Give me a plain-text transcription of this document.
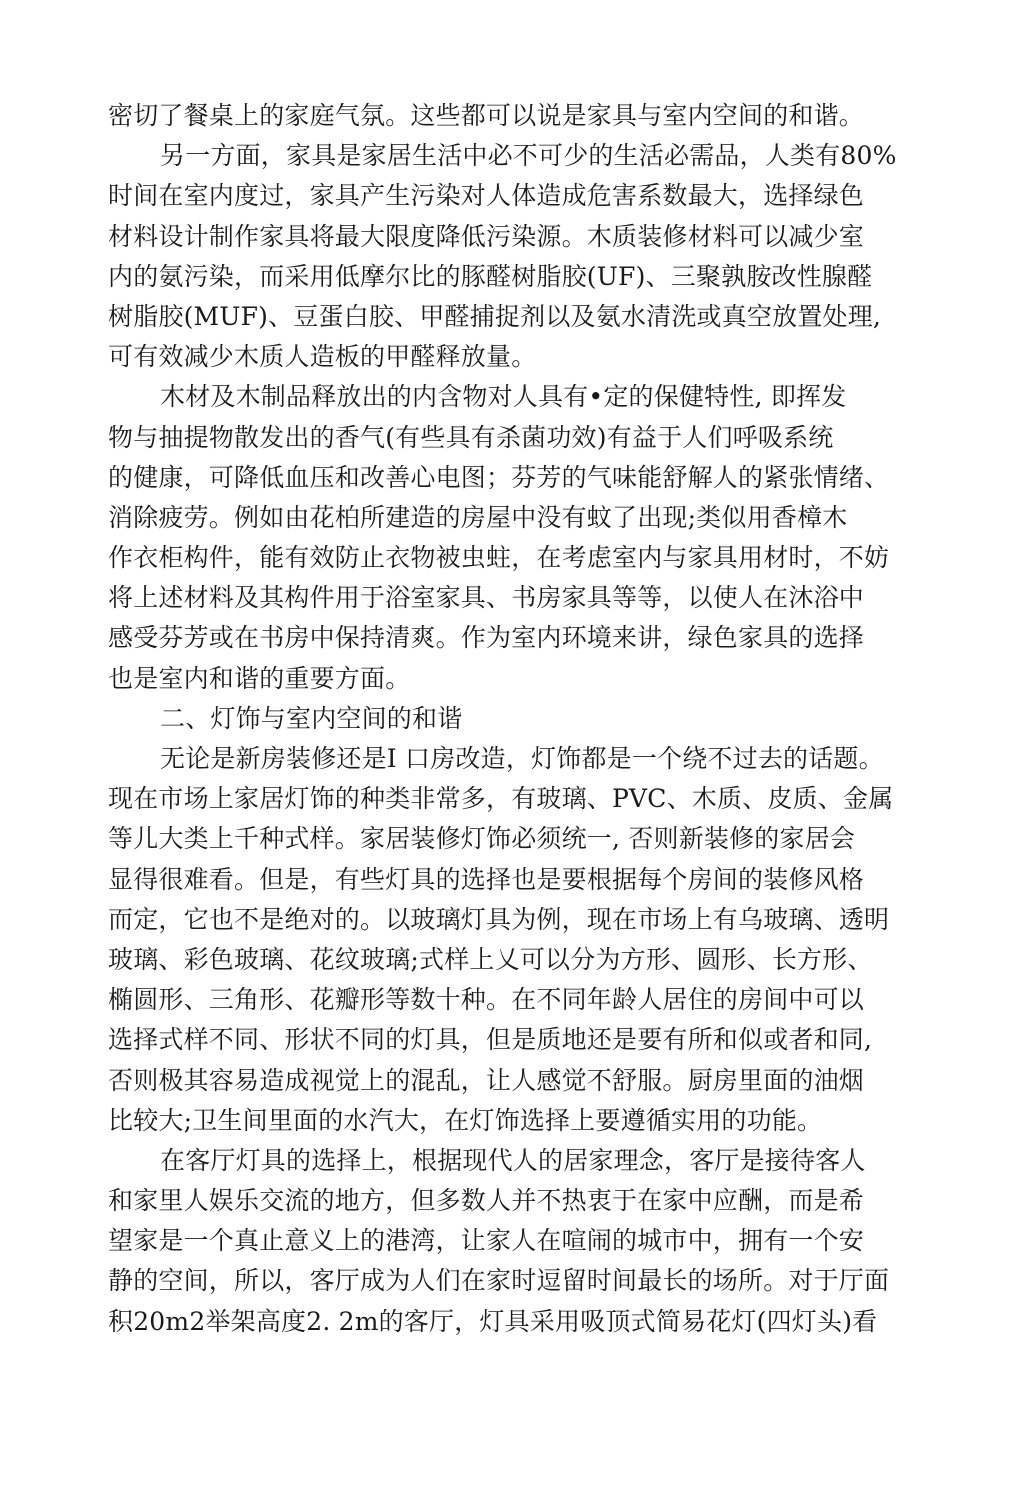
密切了餐桌上的家庭气氛。这些都可以说是家具与室内空间的和谐。
另一方面，家具是家居生活中必不可少的生活必需品，人类有80%
时间在室内度过，家具产生污染对人体造成危害系数最大，选择绿色
材料设计制作家具将最大限度降低污染源。木质装修材料可以减少室
内的氨污染，而采用低摩尔比的豚醛树脂胶(UF)、三聚孰胺改性腺醛
树脂胶(MUF)、豆蛋白胶、甲醛捕捉剂以及氨水清洗或真空放置处理,
可有效减少木质人造板的甲醛释放量。
木材及木制品释放出的内含物对人具有•定的保健特性, 即挥发
物与抽提物散发出的香气(有些具有杀菌功效)有益于人们呼吸系统
的健康，可降低血压和改善心电图；芬芳的气味能舒解人的紧张情绪、
消除疲劳。例如由花柏所建造的房屋中没有蚊了出现;类似用香樟木
作衣柜构件，能有效防止衣物被虫蛀，在考虑室内与家具用材时，不妨
将上述材料及其构件用于浴室家具、书房家具等等，以使人在沐浴中
感受芬芳或在书房中保持清爽。作为室内环境来讲，绿色家具的选择
也是室内和谐的重要方面。
二、灯饰与室内空间的和谐
无论是新房装修还是I 口房改造，灯饰都是一个绕不过去的话题。
现在市场上家居灯饰的种类非常多，有玻璃、PVC、木质、皮质、金属
等儿大类上千种式样。家居装修灯饰必须统一, 否则新装修的家居会
显得很难看。但是，有些灯具的选择也是要根据每个房间的装修风格
而定，它也不是绝对的。以玻璃灯具为例，现在市场上有乌玻璃、透明
玻璃、彩色玻璃、花纹玻璃;式样上乂可以分为方形、圆形、长方形、
椭圆形、三角形、花瓣形等数十种。在不同年龄人居住的房间中可以
选择式样不同、形状不同的灯具，但是质地还是要有所和似或者和同,
否则极其容易造成视觉上的混乱，让人感觉不舒服。厨房里面的油烟
比较大;卫生间里面的水汽大，在灯饰选择上要遵循实用的功能。
在客厅灯具的选择上，根据现代人的居家理念，客厅是接待客人
和家里人娱乐交流的地方，但多数人并不热衷于在家中应酬，而是希
望家是一个真止意义上的港湾，让家人在喧闹的城市中，拥有一个安
静的空间，所以，客厅成为人们在家时逗留时间最长的场所。对于厅面
积20m2举架高度2. 2m的客厅，灯具采用吸顶式简易花灯(四灯头)看
